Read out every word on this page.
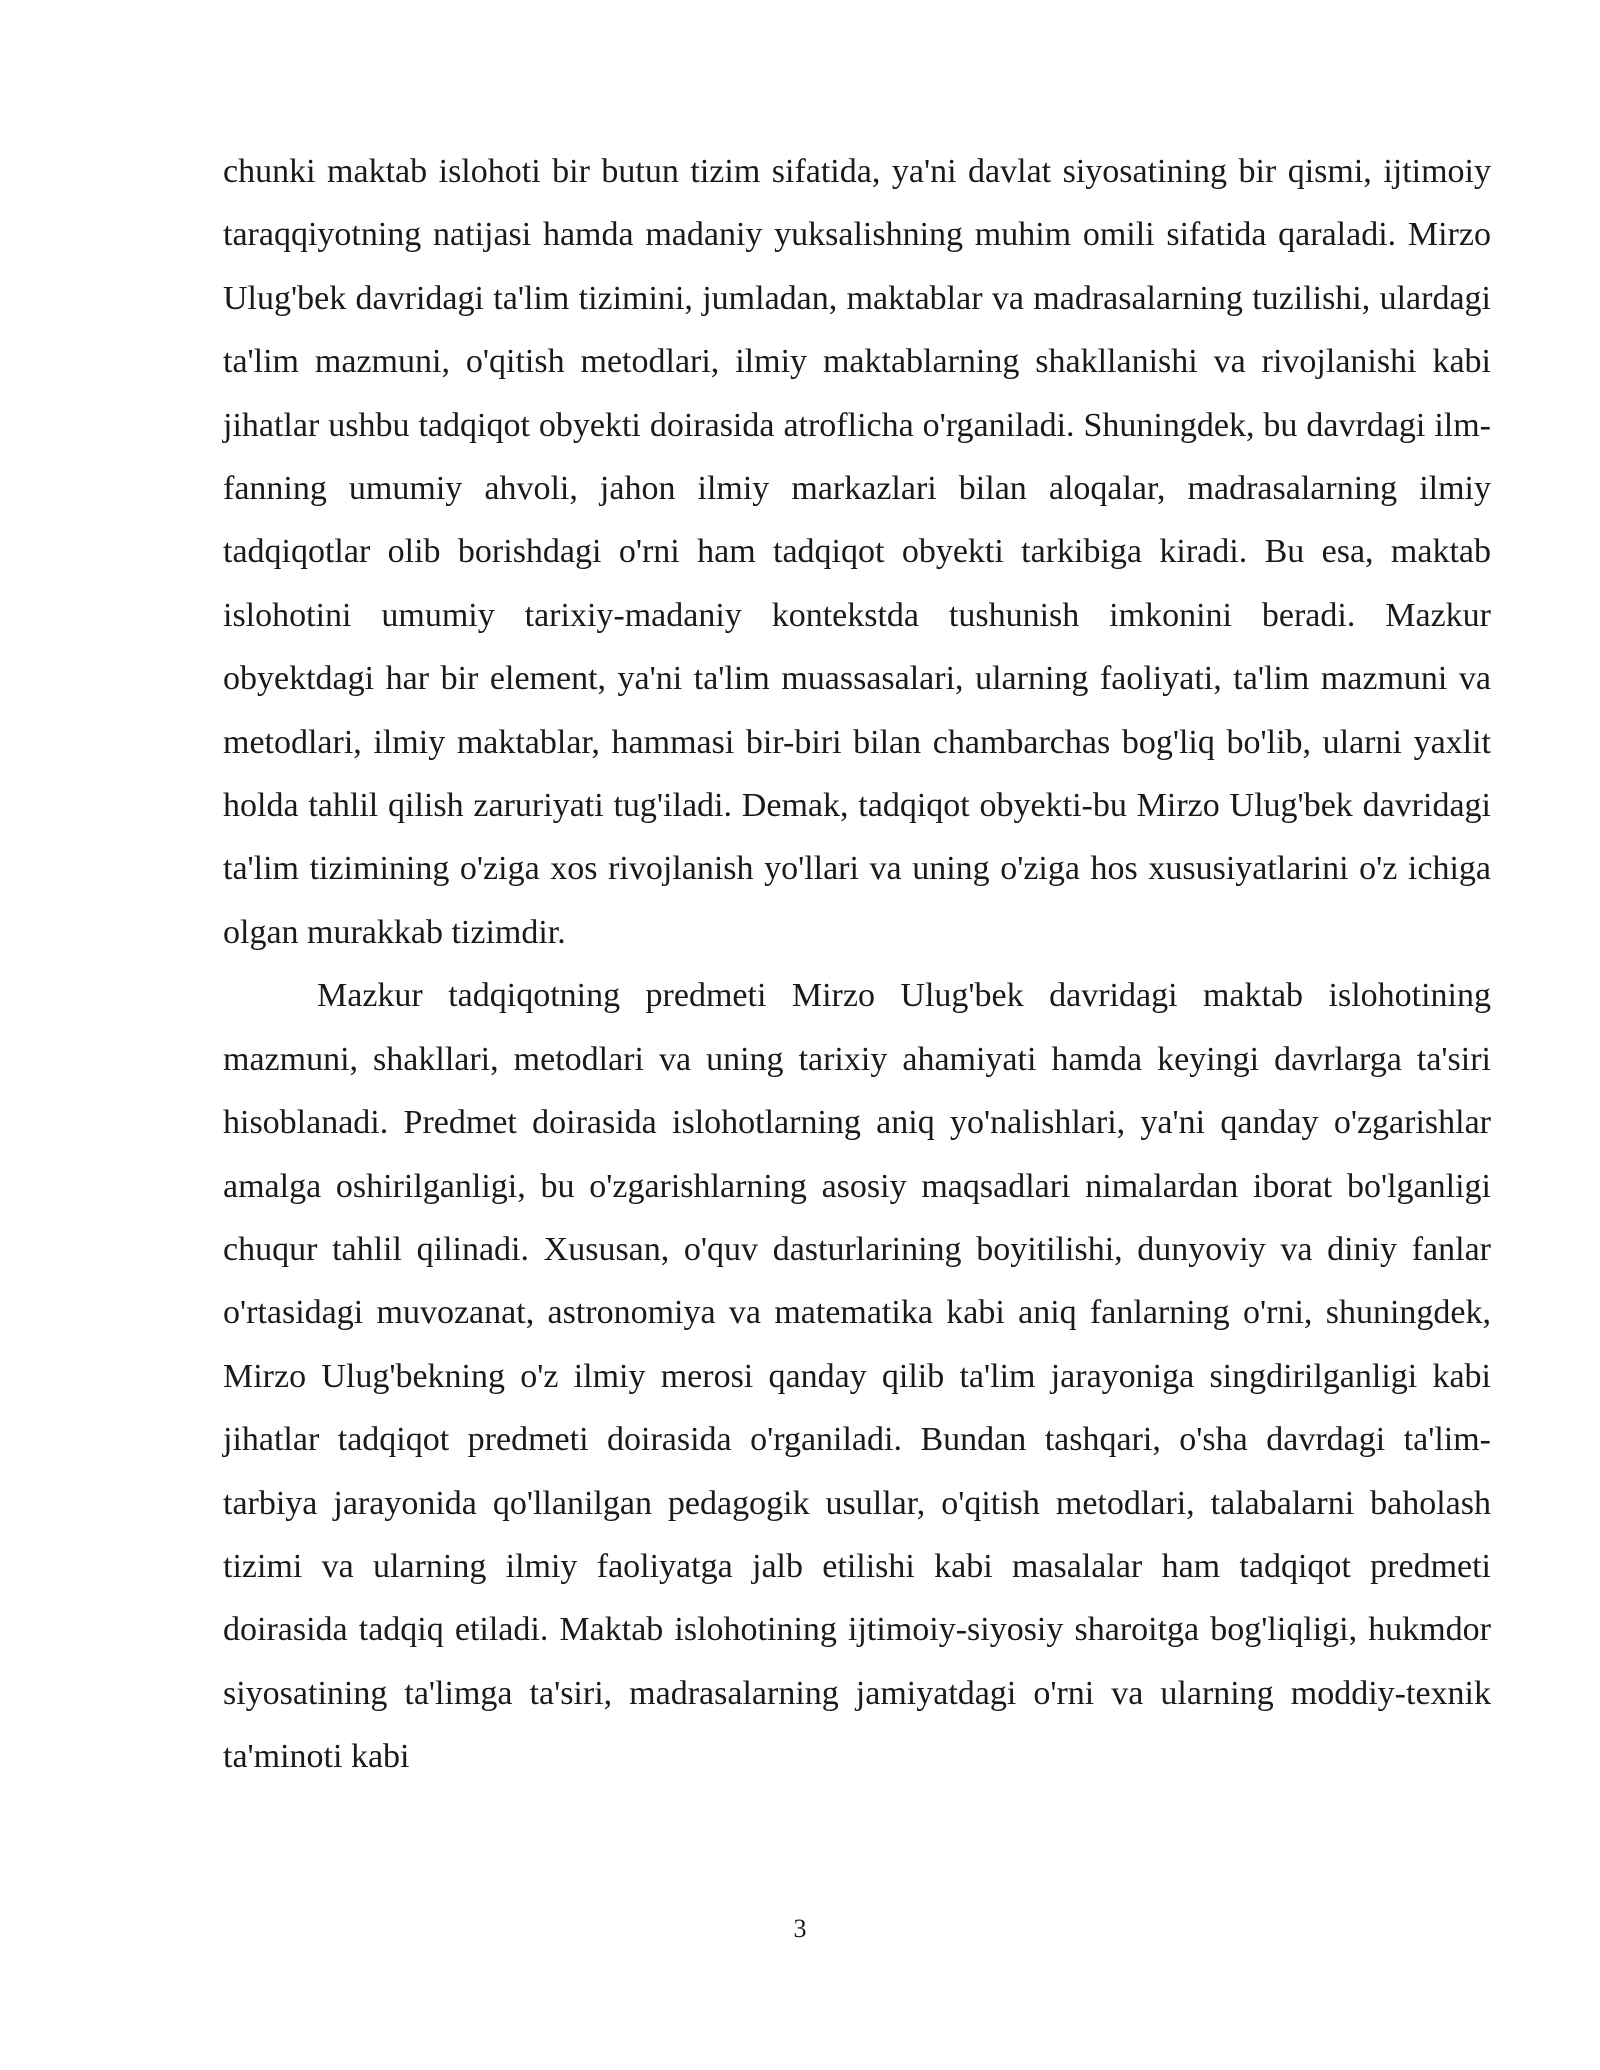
chunki maktab islohoti bir butun tizim sifatida, ya'ni davlat siyosatining bir qismi, ijtimoiy taraqqiyotning natijasi hamda madaniy yuksalishning muhim omili sifatida qaraladi. Mirzo Ulug'bek davridagi ta'lim tizimini, jumladan, maktablar va madrasalarning tuzilishi, ulardagi ta'lim mazmuni, o'qitish metodlari, ilmiy maktablarning shakllanishi va rivojlanishi kabi jihatlar ushbu tadqiqot obyekti doirasida atroflicha o'rganiladi. Shuningdek, bu davrdagi ilm-fanning umumiy ahvoli, jahon ilmiy markazlari bilan aloqalar, madrasalarning ilmiy tadqiqotlar olib borishdagi o'rni ham tadqiqot obyekti tarkibiga kiradi. Bu esa, maktab islohotini umumiy tarixiy-madaniy kontekstda tushunish imkonini beradi. Mazkur obyektdagi har bir element, ya'ni ta'lim muassasalari, ularning faoliyati, ta'lim mazmuni va metodlari, ilmiy maktablar, hammasi bir-biri bilan chambarchas bog'liq bo'lib, ularni yaxlit holda tahlil qilish zaruriyati tug'iladi. Demak, tadqiqot obyekti-bu Mirzo Ulug'bek davridagi ta'lim tizimining o'ziga xos rivojlanish yo'llari va uning o'ziga hos xususiyatlarini o'z ichiga olgan murakkab tizimdir.

Mazkur tadqiqotning predmeti Mirzo Ulug'bek davridagi maktab islohotining mazmuni, shakllari, metodlari va uning tarixiy ahamiyati hamda keyingi davrlarga ta'siri hisoblanadi. Predmet doirasida islohotlarning aniq yo'nalishlari, ya'ni qanday o'zgarishlar amalga oshirilganligi, bu o'zgarishlarning asosiy maqsadlari nimalardan iborat bo'lganligi chuqur tahlil qilinadi. Xususan, o'quv dasturlarining boyitilishi, dunyoviy va diniy fanlar o'rtasidagi muvozanat, astronomiya va matematika kabi aniq fanlarning o'rni, shuningdek, Mirzo Ulug'bekning o'z ilmiy merosi qanday qilib ta'lim jarayoniga singdirilganligi kabi jihatlar tadqiqot predmeti doirasida o'rganiladi. Bundan tashqari, o'sha davrdagi ta'lim-tarbiya jarayonida qo'llanilgan pedagogik usullar, o'qitish metodlari, talabalarni baholash tizimi va ularning ilmiy faoliyatga jalb etilishi kabi masalalar ham tadqiqot predmeti doirasida tadqiq etiladi. Maktab islohotining ijtimoiy-siyosiy sharoitga bog'liqligi, hukmdor siyosatining ta'limga ta'siri, madrasalarning jamiyatdagi o'rni va ularning moddiy-texnik ta'minoti kabi

3
